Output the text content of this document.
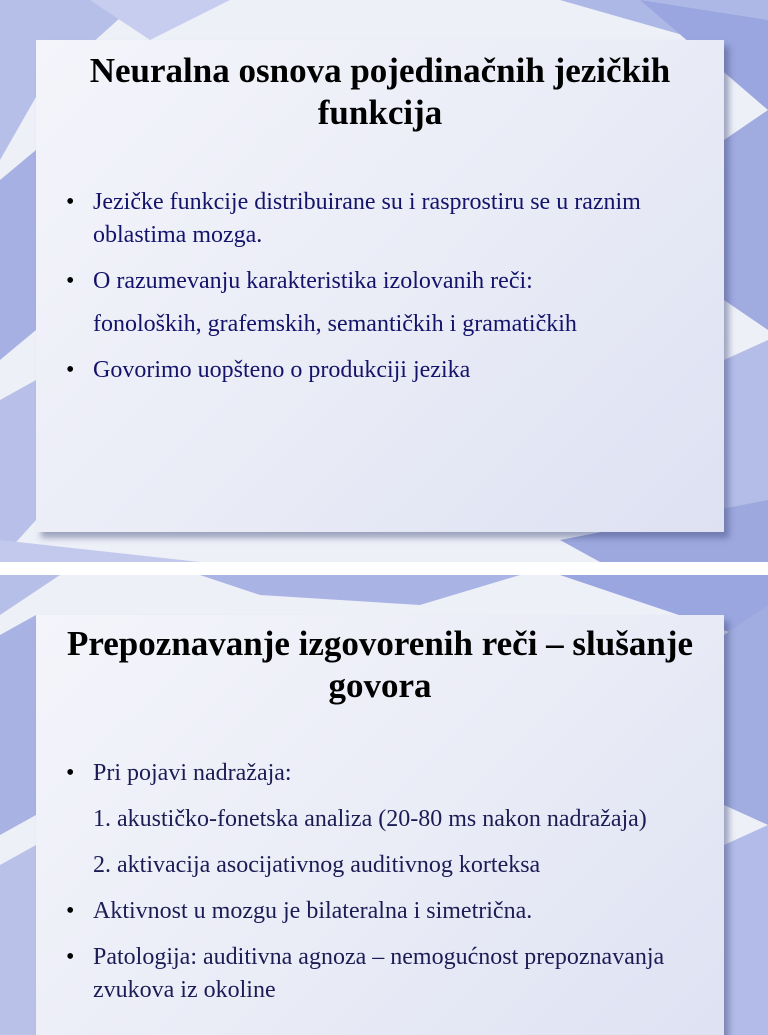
Neuralna osnova pojedinačnih jezičkih funkcija
• Jezičke funkcije distribuirane su i rasprostiru se u raznim oblastima mozga.
• O razumevanju karakteristika izolovanih reči:
fonoloških, grafemskih, semantičkih i gramatičkih
• Govorimo uopšteno o produkciji jezika
Prepoznavanje izgovorenih reči – slušanje govora
• Pri pojavi nadražaja:
1. akustičko-fonetska analiza (20-80 ms nakon nadražaja)
2. aktivacija asocijativnog auditivnog korteksa
• Aktivnost u mozgu je bilateralna i simetrična.
• Patologija: auditivna agnoza – nemogućnost prepoznavanja zvukova iz okoline
